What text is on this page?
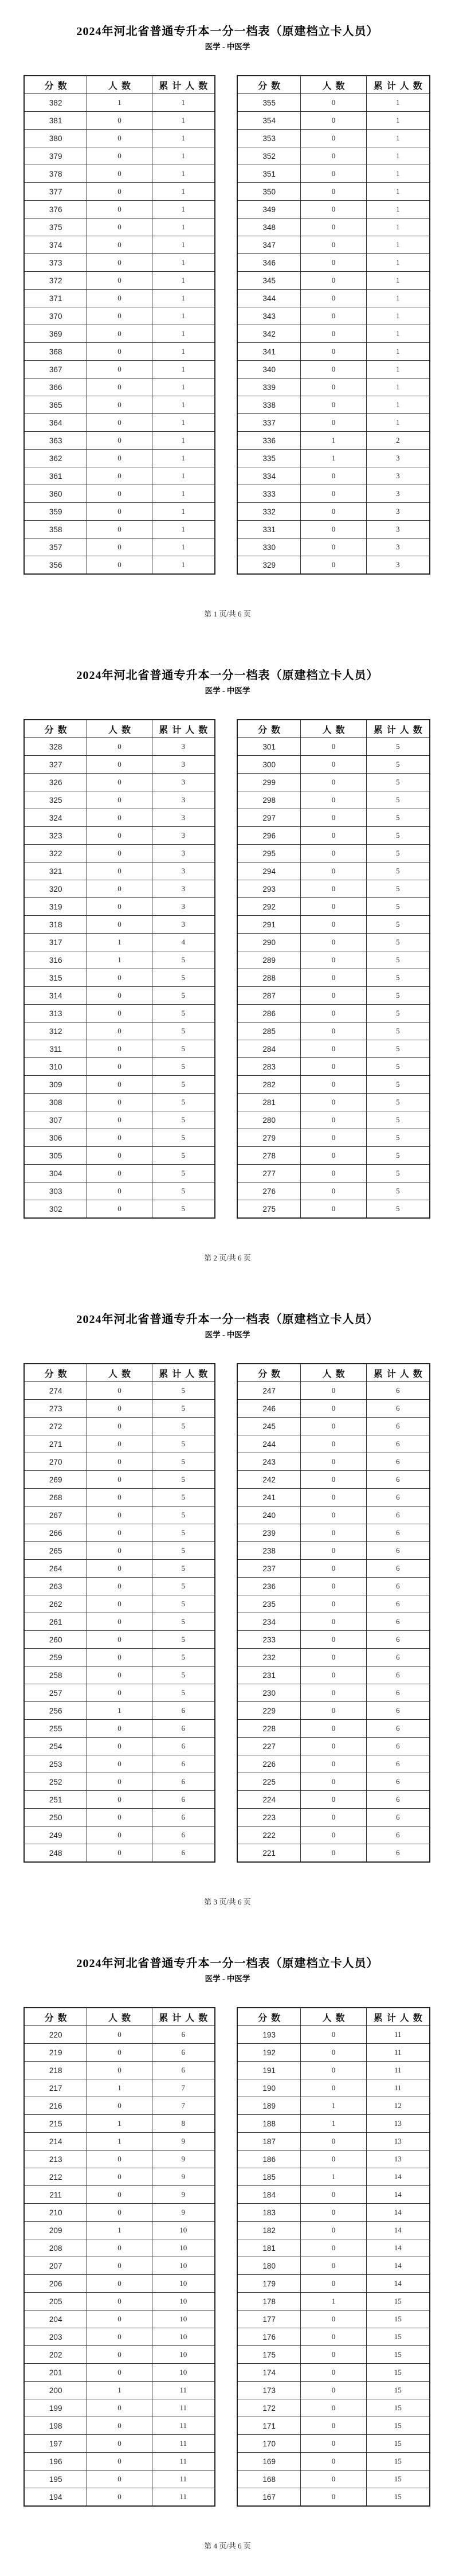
2024年河北省普通专升本一分一档表（原建档立卡人员）
医学 - 中医学
分数	人数	累计人数
382	1	1
381	0	1
380	0	1
379	0	1
378	0	1
377	0	1
376	0	1
375	0	1
374	0	1
373	0	1
372	0	1
371	0	1
370	0	1
369	0	1
368	0	1
367	0	1
366	0	1
365	0	1
364	0	1
363	0	1
362	0	1
361	0	1
360	0	1
359	0	1
358	0	1
357	0	1
356	0	1
分数	人数	累计人数
355	0	1
354	0	1
353	0	1
352	0	1
351	0	1
350	0	1
349	0	1
348	0	1
347	0	1
346	0	1
345	0	1
344	0	1
343	0	1
342	0	1
341	0	1
340	0	1
339	0	1
338	0	1
337	0	1
336	1	2
335	1	3
334	0	3
333	0	3
332	0	3
331	0	3
330	0	3
329	0	3
第 1 页/共 6 页
2024年河北省普通专升本一分一档表（原建档立卡人员）
医学 - 中医学
分数	人数	累计人数
328	0	3
327	0	3
326	0	3
325	0	3
324	0	3
323	0	3
322	0	3
321	0	3
320	0	3
319	0	3
318	0	3
317	1	4
316	1	5
315	0	5
314	0	5
313	0	5
312	0	5
311	0	5
310	0	5
309	0	5
308	0	5
307	0	5
306	0	5
305	0	5
304	0	5
303	0	5
302	0	5
分数	人数	累计人数
301	0	5
300	0	5
299	0	5
298	0	5
297	0	5
296	0	5
295	0	5
294	0	5
293	0	5
292	0	5
291	0	5
290	0	5
289	0	5
288	0	5
287	0	5
286	0	5
285	0	5
284	0	5
283	0	5
282	0	5
281	0	5
280	0	5
279	0	5
278	0	5
277	0	5
276	0	5
275	0	5
第 2 页/共 6 页
2024年河北省普通专升本一分一档表（原建档立卡人员）
医学 - 中医学
分数	人数	累计人数
274	0	5
273	0	5
272	0	5
271	0	5
270	0	5
269	0	5
268	0	5
267	0	5
266	0	5
265	0	5
264	0	5
263	0	5
262	0	5
261	0	5
260	0	5
259	0	5
258	0	5
257	0	5
256	1	6
255	0	6
254	0	6
253	0	6
252	0	6
251	0	6
250	0	6
249	0	6
248	0	6
分数	人数	累计人数
247	0	6
246	0	6
245	0	6
244	0	6
243	0	6
242	0	6
241	0	6
240	0	6
239	0	6
238	0	6
237	0	6
236	0	6
235	0	6
234	0	6
233	0	6
232	0	6
231	0	6
230	0	6
229	0	6
228	0	6
227	0	6
226	0	6
225	0	6
224	0	6
223	0	6
222	0	6
221	0	6
第 3 页/共 6 页
2024年河北省普通专升本一分一档表（原建档立卡人员）
医学 - 中医学
分数	人数	累计人数
220	0	6
219	0	6
218	0	6
217	1	7
216	0	7
215	1	8
214	1	9
213	0	9
212	0	9
211	0	9
210	0	9
209	1	10
208	0	10
207	0	10
206	0	10
205	0	10
204	0	10
203	0	10
202	0	10
201	0	10
200	1	11
199	0	11
198	0	11
197	0	11
196	0	11
195	0	11
194	0	11
分数	人数	累计人数
193	0	11
192	0	11
191	0	11
190	0	11
189	1	12
188	1	13
187	0	13
186	0	13
185	1	14
184	0	14
183	0	14
182	0	14
181	0	14
180	0	14
179	0	14
178	1	15
177	0	15
176	0	15
175	0	15
174	0	15
173	0	15
172	0	15
171	0	15
170	0	15
169	0	15
168	0	15
167	0	15
第 4 页/共 6 页
